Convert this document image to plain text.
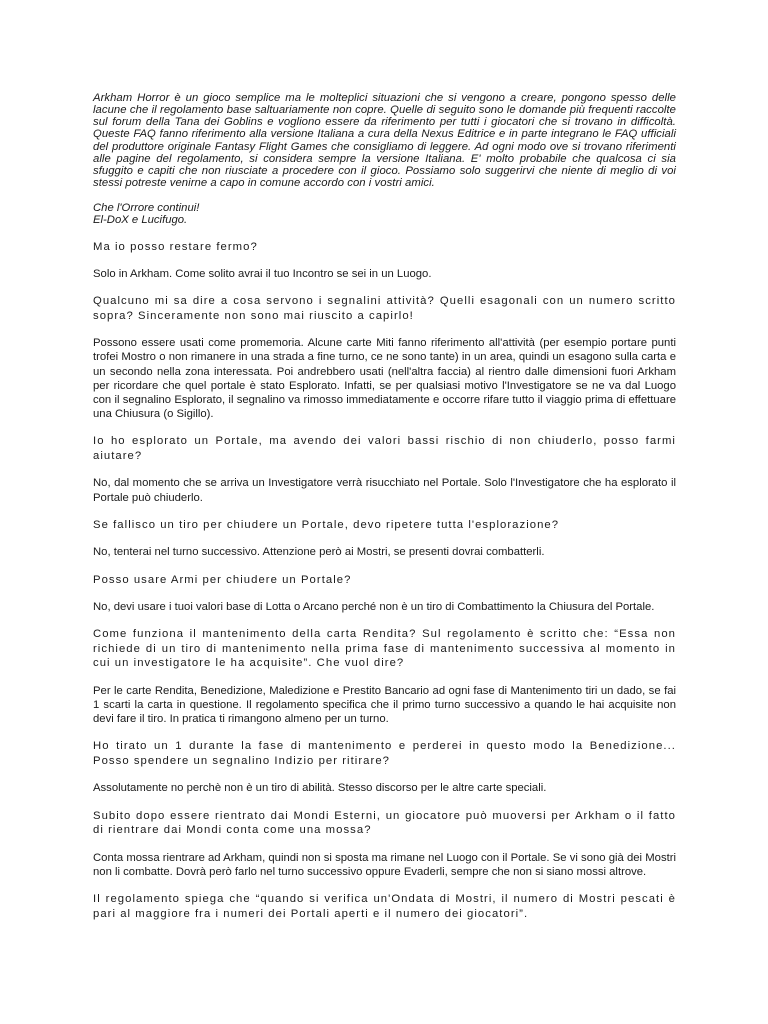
Arkham Horror è un gioco semplice ma le molteplici situazioni che si vengono a creare, pongono spesso delle lacune che il regolamento base saltuariamente non copre. Quelle di seguito sono le domande più frequenti raccolte sul forum della Tana dei Goblins e vogliono essere da riferimento per tutti i giocatori che si trovano in difficoltà. Queste FAQ fanno riferimento alla versione Italiana a cura della Nexus Editrice e in parte integrano le FAQ ufficiali del produttore originale Fantasy Flight Games che consigliamo di leggere. Ad ogni modo ove si trovano riferimenti alle pagine del regolamento, si considera sempre la versione Italiana. E' molto probabile che qualcosa ci sia sfuggito e capiti che non riusciate a procedere con il gioco. Possiamo solo suggerirvi che niente di meglio di voi stessi potreste venirne a capo in comune accordo con i vostri amici.

Che l'Orrore continui!
El-DoX e Lucifugo.

Ma io posso restare fermo?

Solo in Arkham. Come solito avrai il tuo Incontro se sei in un Luogo.

Qualcuno mi sa dire a cosa servono i segnalini attività? Quelli esagonali con un numero scritto sopra? Sinceramente non sono mai riuscito a capirlo!

Possono essere usati come promemoria. Alcune carte Miti fanno riferimento all'attività (per esempio portare punti trofei Mostro o non rimanere in una strada a fine turno, ce ne sono tante) in un area, quindi un esagono sulla carta e un secondo nella zona interessata. Poi andrebbero usati (nell'altra faccia) al rientro dalle dimensioni fuori Arkham per ricordare che quel portale è stato Esplorato. Infatti, se per qualsiasi motivo l'Investigatore se ne va dal Luogo con il segnalino Esplorato, il segnalino va rimosso immediatamente e occorre rifare tutto il viaggio prima di effettuare una Chiusura (o Sigillo).

Io ho esplorato un Portale, ma avendo dei valori bassi rischio di non chiuderlo, posso farmi aiutare?

No, dal momento che se arriva un Investigatore verrà risucchiato nel Portale. Solo l'Investigatore che ha esplorato il Portale può chiuderlo.

Se fallisco un tiro per chiudere un Portale, devo ripetere tutta l'esplorazione?

No, tenterai nel turno successivo. Attenzione però ai Mostri, se presenti dovrai combatterli.

Posso usare Armi per chiudere un Portale?

No, devi usare i tuoi valori base di Lotta o Arcano perché non è un tiro di Combattimento la Chiusura del Portale.

Come funziona il mantenimento della carta Rendita? Sul regolamento è scritto che: “Essa non richiede di un tiro di mantenimento nella prima fase di mantenimento successiva al momento in cui un investigatore le ha acquisite”. Che vuol dire?

Per le carte Rendita, Benedizione, Maledizione e Prestito Bancario ad ogni fase di Mantenimento tiri un dado, se fai 1 scarti la carta in questione. Il regolamento specifica che il primo turno successivo a quando le hai acquisite non devi fare il tiro. In pratica ti rimangono almeno per un turno.

Ho tirato un 1 durante la fase di mantenimento e perderei in questo modo la Benedizione... Posso spendere un segnalino Indizio per ritirare?

Assolutamente no perchè non è un tiro di abilità. Stesso discorso per le altre carte speciali.

Subito dopo essere rientrato dai Mondi Esterni, un giocatore può muoversi per Arkham o il fatto di rientrare dai Mondi conta come una mossa?

Conta mossa rientrare ad Arkham, quindi non si sposta ma rimane nel Luogo con il Portale. Se vi sono già dei Mostri non li combatte. Dovrà però farlo nel turno successivo oppure Evaderli, sempre che non si siano mossi altrove.

Il regolamento spiega che “quando si verifica un'Ondata di Mostri, il numero di Mostri pescati è pari al maggiore fra i numeri dei Portali aperti e il numero dei giocatori”.
